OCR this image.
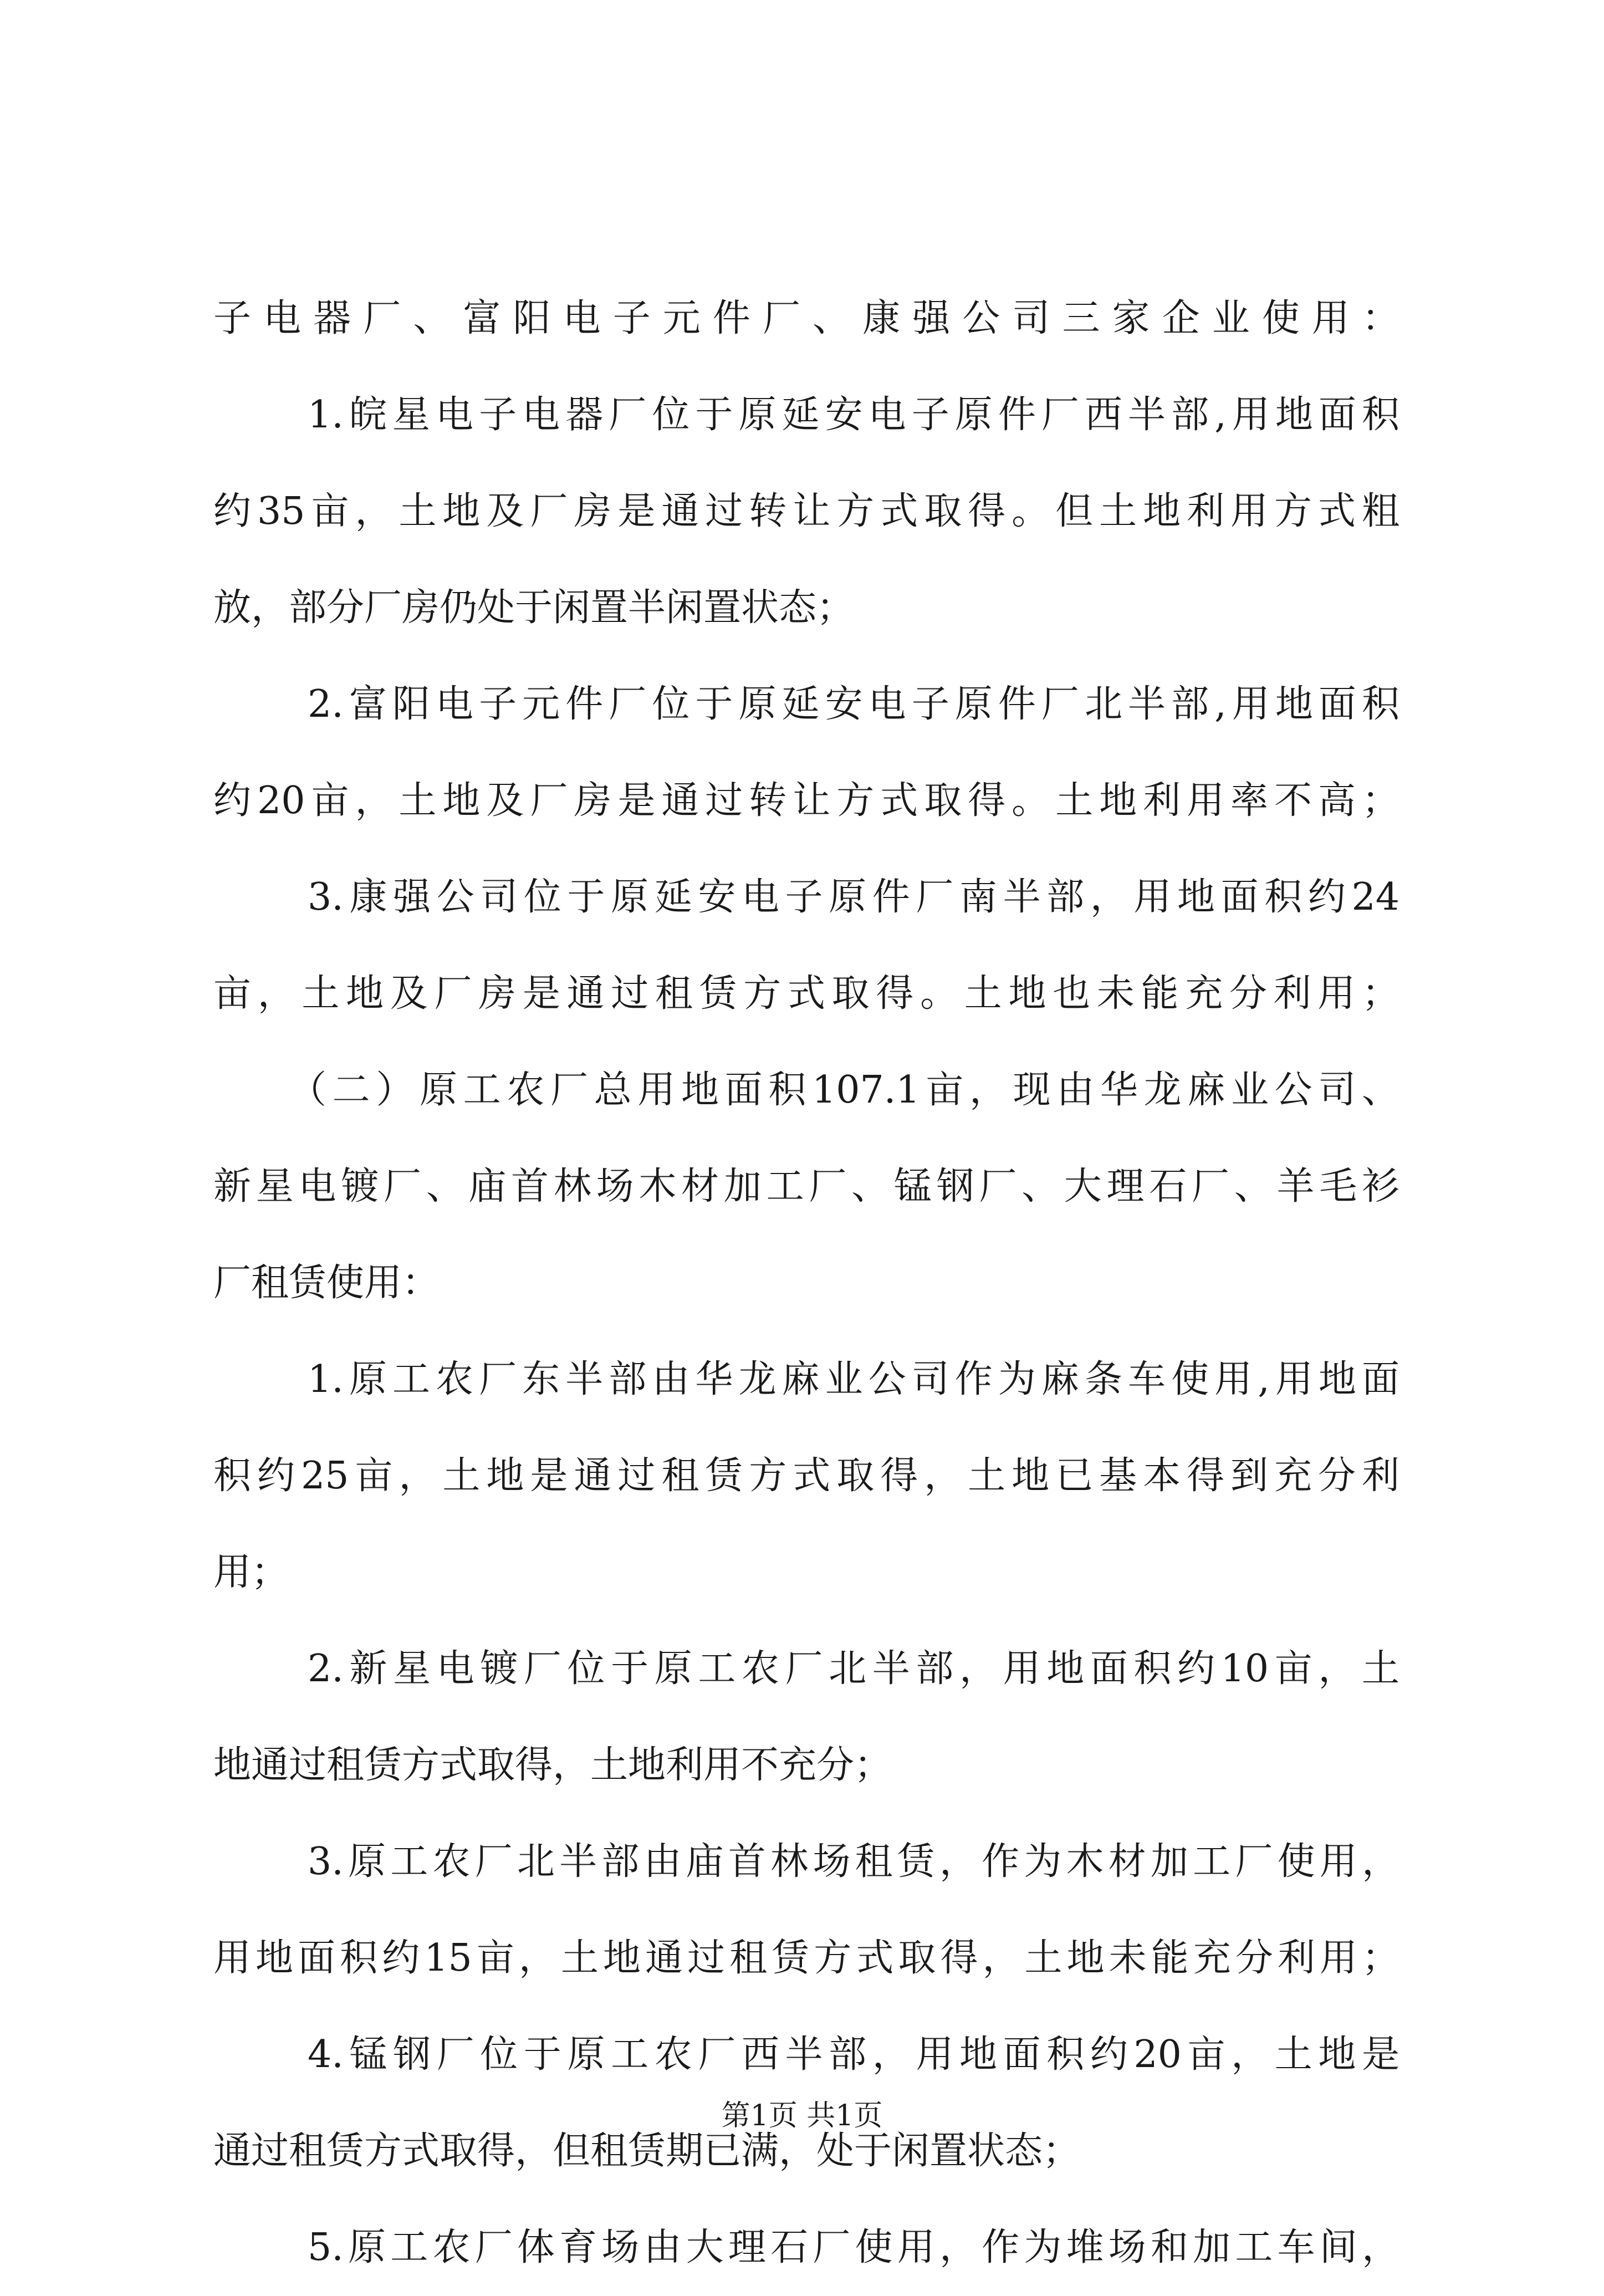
子电器厂、富阳电子元件厂、康强公司三家企业使用：
1.皖星电子电器厂位于原延安电子原件厂西半部,用地面积
约35亩，土地及厂房是通过转让方式取得。但土地利用方式粗
放，部分厂房仍处于闲置半闲置状态；
2.富阳电子元件厂位于原延安电子原件厂北半部,用地面积
约20亩，土地及厂房是通过转让方式取得。土地利用率不高；
3.康强公司位于原延安电子原件厂南半部，用地面积约24
亩，土地及厂房是通过租赁方式取得。土地也未能充分利用；
（二）原工农厂总用地面积107.1亩，现由华龙麻业公司、
新星电镀厂、庙首林场木材加工厂、锰钢厂、大理石厂、羊毛衫
厂租赁使用：
1.原工农厂东半部由华龙麻业公司作为麻条车使用,用地面
积约25亩，土地是通过租赁方式取得，土地已基本得到充分利
用；
2.新星电镀厂位于原工农厂北半部，用地面积约10亩，土
地通过租赁方式取得，土地利用不充分；
3.原工农厂北半部由庙首林场租赁，作为木材加工厂使用，
用地面积约15亩，土地通过租赁方式取得，土地未能充分利用；
4.锰钢厂位于原工农厂西半部，用地面积约20亩，土地是
通过租赁方式取得，但租赁期已满，处于闲置状态；
5.原工农厂体育场由大理石厂使用，作为堆场和加工车间，
第1页 共1页
